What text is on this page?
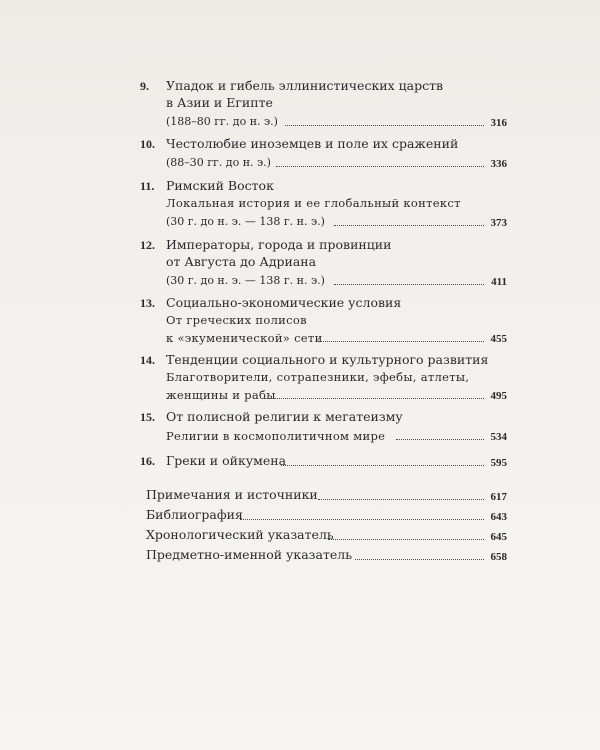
9.	Упадок и гибель эллинистических царств
в Азии и Египте
(188–80 гг. до н. э.)	316
10. Честолюбие иноземцев и поле их сражений
(88–30 гг. до н. э.)	336
11. Римский Восток
Локальная история и ее глобальный контекст
(30 г. до н. э. — 138 г. н. э.)	373
12. Императоры, города и провинции
от Августа до Адриана
(30 г. до н. э. — 138 г. н. э.)	411
13. Социально-экономические условия
От греческих полисов
к «экуменической» сети	455
14. Тенденции социального и культурного развития
Благотворители, сотрапезники, эфебы, атлеты,
женщины и рабы	495
15. От полисной религии к мегатеизму
Религии в космополитичном мире	534
16. Греки и ойкумена	595
Примечания и источники	617
Библиография	643
Хронологический указатель	645
Предметно-именной указатель	658
